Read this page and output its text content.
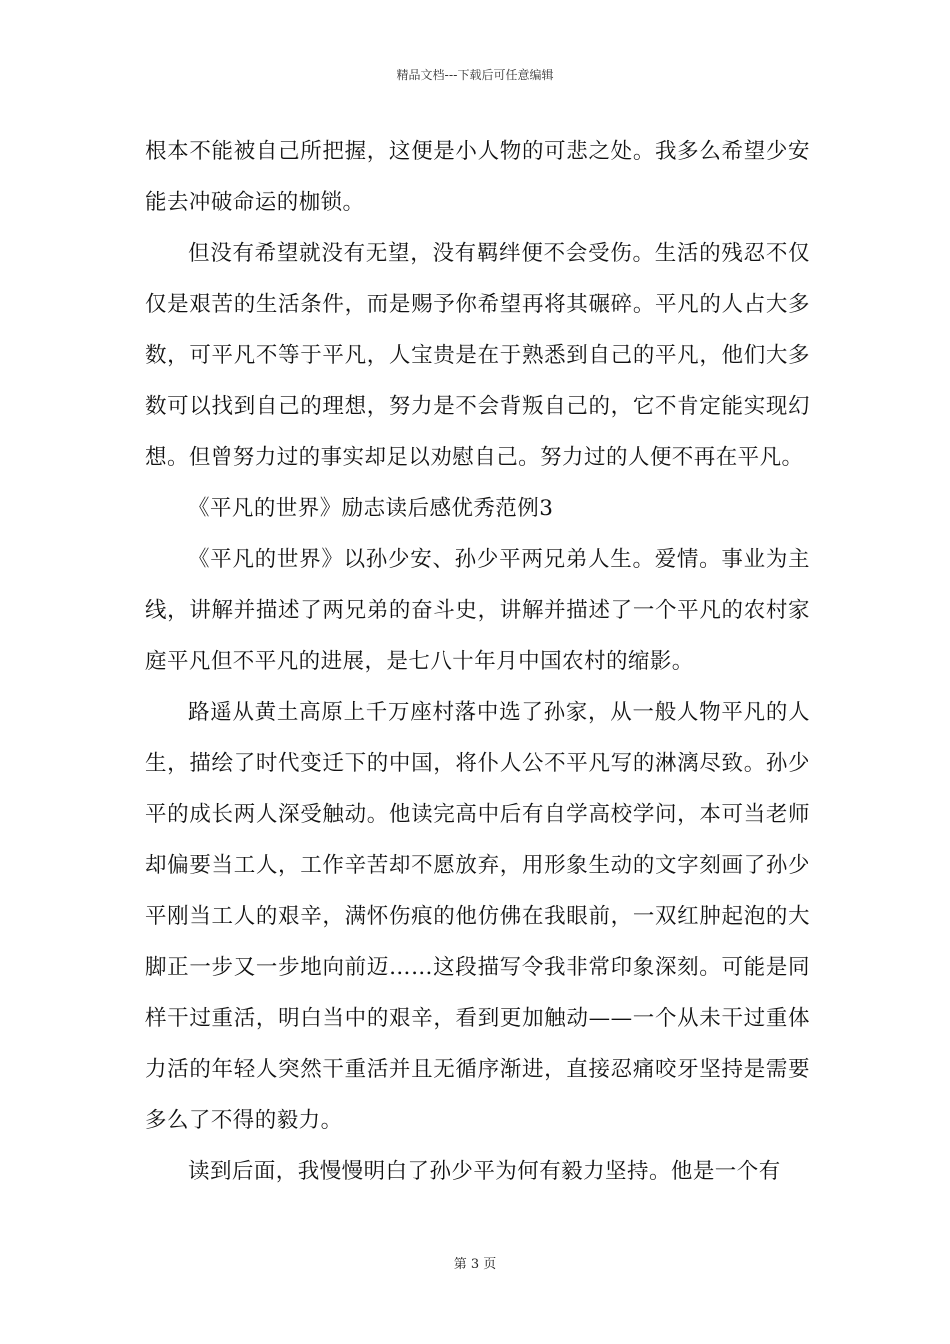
精品文档---下载后可任意编辑

根本不能被自己所把握，这便是小人物的可悲之处。我多么希望少安能去冲破命运的枷锁。

但没有希望就没有无望，没有羁绊便不会受伤。生活的残忍不仅仅是艰苦的生活条件，而是赐予你希望再将其碾碎。平凡的人占大多数，可平凡不等于平凡，人宝贵是在于熟悉到自己的平凡，他们大多数可以找到自己的理想，努力是不会背叛自己的，它不肯定能实现幻想。但曾努力过的事实却足以劝慰自己。努力过的人便不再在平凡。

《平凡的世界》励志读后感优秀范例3

《平凡的世界》以孙少安、孙少平两兄弟人生。爱情。事业为主线，讲解并描述了两兄弟的奋斗史，讲解并描述了一个平凡的农村家庭平凡但不平凡的进展，是七八十年月中国农村的缩影。

路遥从黄土高原上千万座村落中选了孙家，从一般人物平凡的人生，描绘了时代变迁下的中国，将仆人公不平凡写的淋漓尽致。孙少平的成长两人深受触动。他读完高中后有自学高校学问，本可当老师却偏要当工人，工作辛苦却不愿放弃，用形象生动的文字刻画了孙少平刚当工人的艰辛，满怀伤痕的他仿佛在我眼前，一双红肿起泡的大脚正一步又一步地向前迈……这段描写令我非常印象深刻。可能是同样干过重活，明白当中的艰辛，看到更加触动——一个从未干过重体力活的年轻人突然干重活并且无循序渐进，直接忍痛咬牙坚持是需要多么了不得的毅力。

读到后面，我慢慢明白了孙少平为何有毅力坚持。他是一个有

第 3 页
